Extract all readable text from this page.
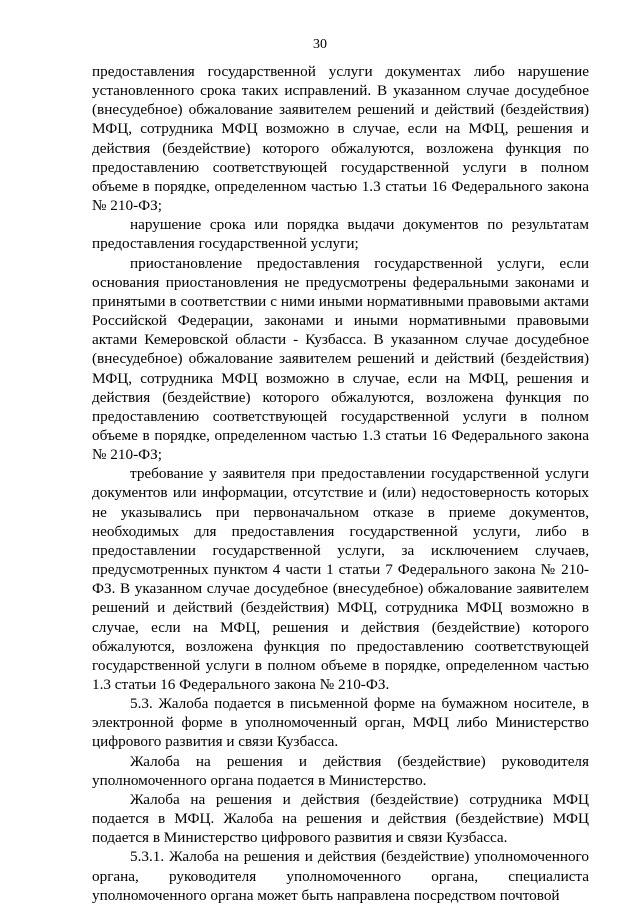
30

предоставления государственной услуги документах либо нарушение установленного срока таких исправлений. В указанном случае досудебное (внесудебное) обжалование заявителем решений и действий (бездействия) МФЦ, сотрудника МФЦ возможно в случае, если на МФЦ, решения и действия (бездействие) которого обжалуются, возложена функция по предоставлению соответствующей государственной услуги в полном объеме в порядке, определенном частью 1.3 статьи 16 Федерального закона № 210-ФЗ;

нарушение срока или порядка выдачи документов по результатам предоставления государственной услуги;

приостановление предоставления государственной услуги, если основания приостановления не предусмотрены федеральными законами и принятыми в соответствии с ними иными нормативными правовыми актами Российской Федерации, законами и иными нормативными правовыми актами Кемеровской области - Кузбасса. В указанном случае досудебное (внесудебное) обжалование заявителем решений и действий (бездействия) МФЦ, сотрудника МФЦ возможно в случае, если на МФЦ, решения и действия (бездействие) которого обжалуются, возложена функция по предоставлению соответствующей государственной услуги в полном объеме в порядке, определенном частью 1.3 статьи 16 Федерального закона № 210-ФЗ;

требование у заявителя при предоставлении государственной услуги документов или информации, отсутствие и (или) недостоверность которых не указывались при первоначальном отказе в приеме документов, необходимых для предоставления государственной услуги, либо в предоставлении государственной услуги, за исключением случаев, предусмотренных пунктом 4 части 1 статьи 7 Федерального закона № 210-ФЗ. В указанном случае досудебное (внесудебное) обжалование заявителем решений и действий (бездействия) МФЦ, сотрудника МФЦ возможно в случае, если на МФЦ, решения и действия (бездействие) которого обжалуются, возложена функция по предоставлению соответствующей государственной услуги в полном объеме в порядке, определенном частью 1.3 статьи 16 Федерального закона № 210-ФЗ.

5.3. Жалоба подается в письменной форме на бумажном носителе, в электронной форме в уполномоченный орган, МФЦ либо Министерство цифрового развития и связи Кузбасса.

Жалоба на решения и действия (бездействие) руководителя уполномоченного органа подается в Министерство.

Жалоба на решения и действия (бездействие) сотрудника МФЦ подается в МФЦ. Жалоба на решения и действия (бездействие) МФЦ подается в Министерство цифрового развития и связи Кузбасса.

5.3.1. Жалоба на решения и действия (бездействие) уполномоченного органа, руководителя уполномоченного органа, специалиста уполномоченного органа может быть направлена посредством почтовой
